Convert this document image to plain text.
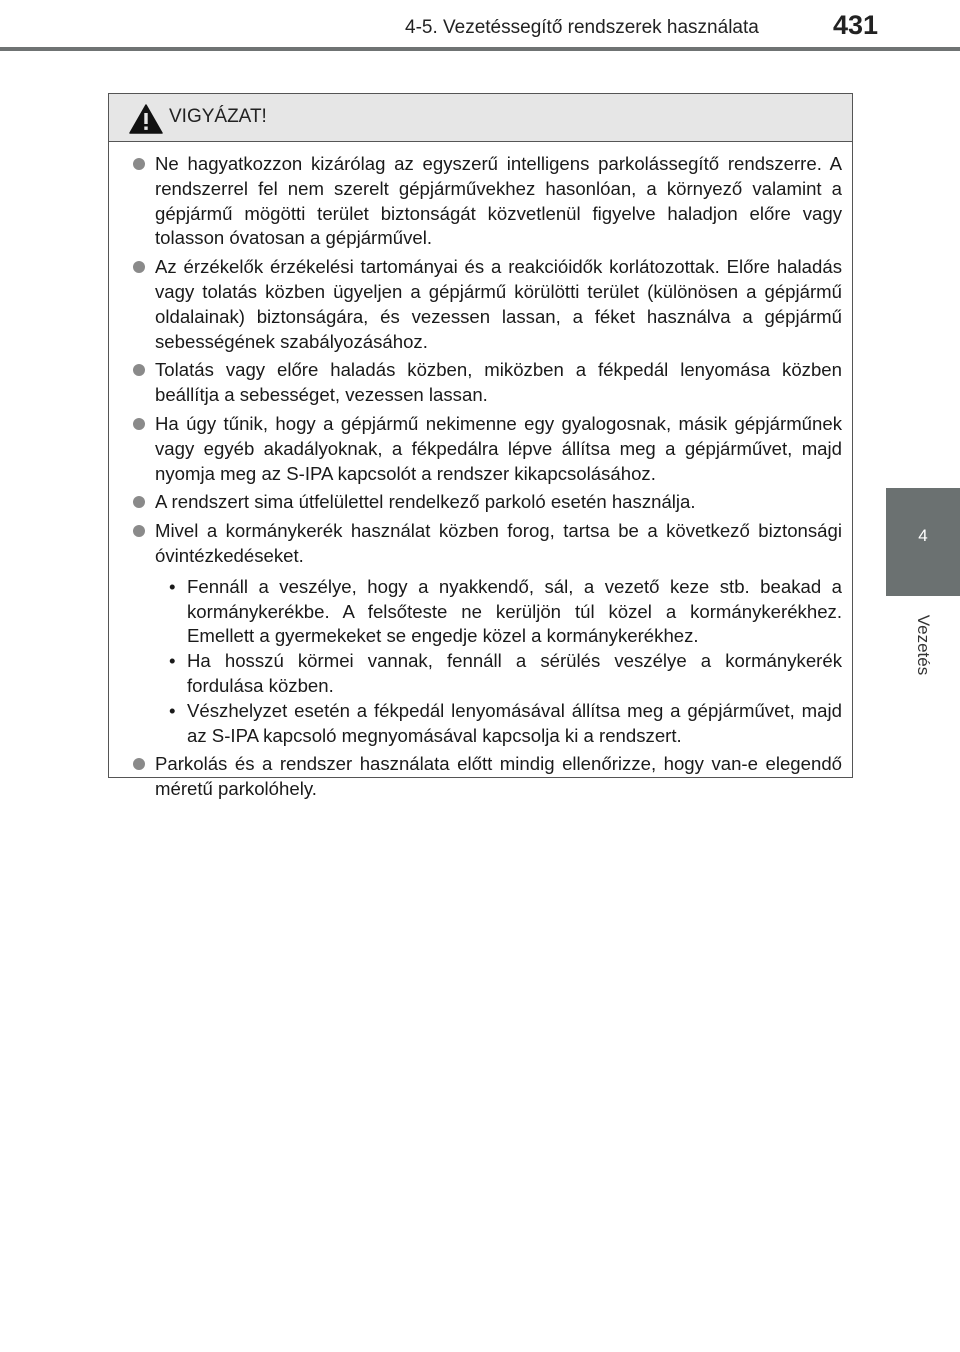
4-5. Vezetéssegítő rendszerek használata	431
4
Vezetés
VIGYÁZAT!
Ne hagyatkozzon kizárólag az egyszerű intelligens parkolássegítő rendszerre. A rendszerrel fel nem szerelt gépjárművekhez hasonlóan, a környező valamint a gépjármű mögötti terület biztonságát közvetlenül figyelve haladjon előre vagy tolasson óvatosan a gépjárművel.
Az érzékelők érzékelési tartományai és a reakcióidők korlátozottak. Előre haladás vagy tolatás közben ügyeljen a gépjármű körülötti terület (különösen a gépjármű oldalainak) biztonságára, és vezessen lassan, a féket használva a gépjármű sebességének szabályozásához.
Tolatás vagy előre haladás közben, miközben a fékpedál lenyomása közben beállítja a sebességet, vezessen lassan.
Ha úgy tűnik, hogy a gépjármű nekimenne egy gyalogosnak, másik gépjárműnek vagy egyéb akadályoknak, a fékpedálra lépve állítsa meg a gépjárművet, majd nyomja meg az S-IPA kapcsolót a rendszer kikapcsolásához.
A rendszert sima útfelülettel rendelkező parkoló esetén használja.
Mivel a kormánykerék használat közben forog, tartsa be a következő biztonsági óvintézkedéseket.
• Fennáll a veszélye, hogy a nyakkendő, sál, a vezető keze stb. beakad a kormánykerékbe. A felsőteste ne kerüljön túl közel a kormánykerékhez. Emellett a gyermekeket se engedje közel a kormánykerékhez.
• Ha hosszú körmei vannak, fennáll a sérülés veszélye a kormánykerék fordulása közben.
• Vészhelyzet esetén a fékpedál lenyomásával állítsa meg a gépjárművet, majd az S-IPA kapcsoló megnyomásával kapcsolja ki a rendszert.
Parkolás és a rendszer használata előtt mindig ellenőrizze, hogy van-e elegendő méretű parkolóhely.
